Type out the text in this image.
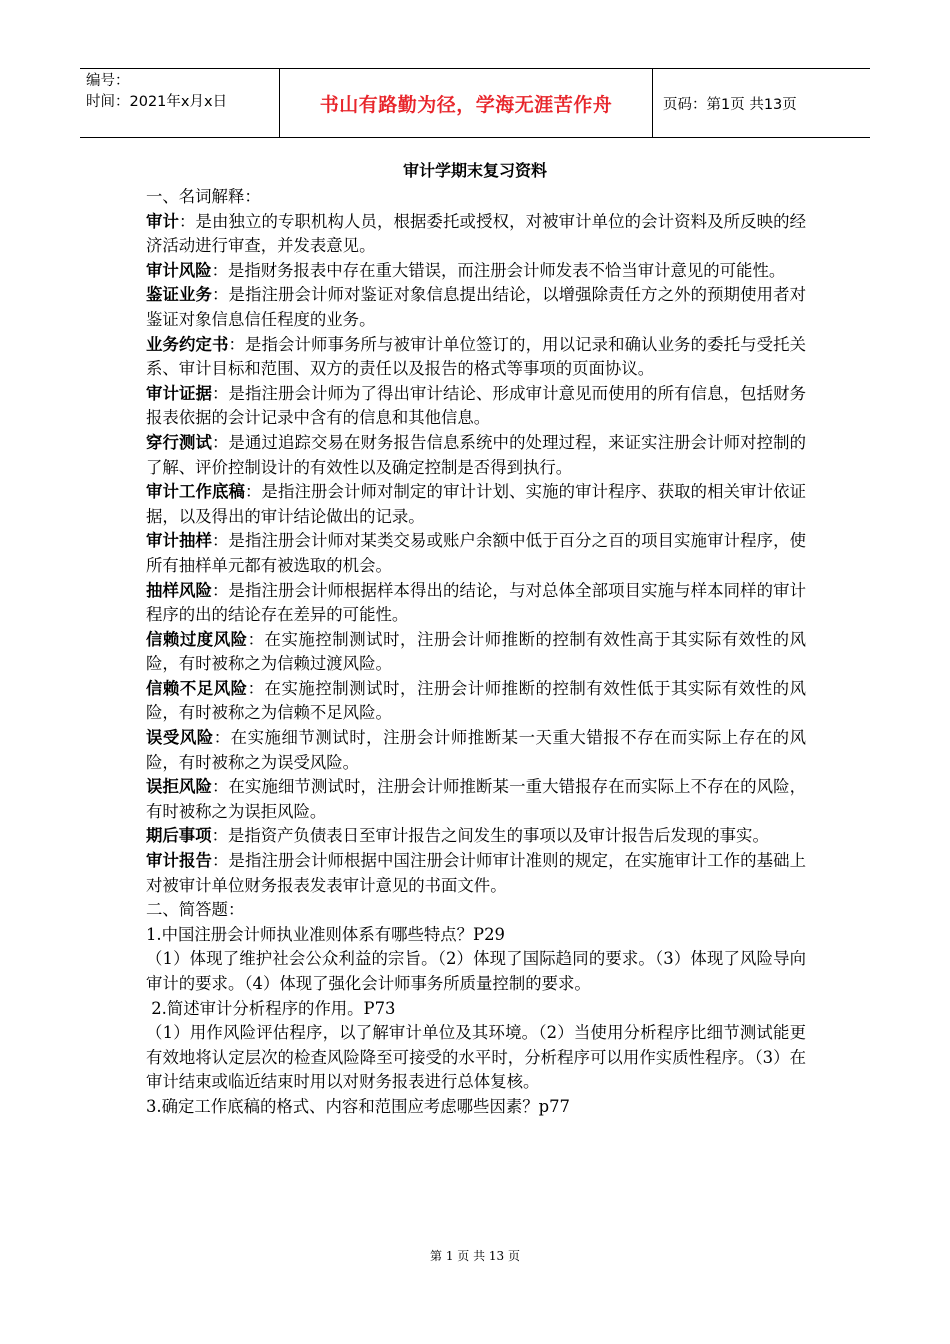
编号：
时间：2021年x月x日	书山有路勤为径，学海无涯苦作舟	页码：第1页 共13页
审计学期末复习资料

一、名词解释：

审计：是由独立的专职机构人员，根据委托或授权，对被审计单位的会计资料及所反映的经济活动进行审查，并发表意见。

审计风险：是指财务报表中存在重大错误，而注册会计师发表不恰当审计意见的可能性。

鉴证业务：是指注册会计师对鉴证对象信息提出结论，以增强除责任方之外的预期使用者对鉴证对象信息信任程度的业务。

业务约定书：是指会计师事务所与被审计单位签订的，用以记录和确认业务的委托与受托关系、审计目标和范围、双方的责任以及报告的格式等事项的页面协议。

审计证据：是指注册会计师为了得出审计结论、形成审计意见而使用的所有信息，包括财务报表依据的会计记录中含有的信息和其他信息。

穿行测试：是通过追踪交易在财务报告信息系统中的处理过程，来证实注册会计师对控制的了解、评价控制设计的有效性以及确定控制是否得到执行。

审计工作底稿：是指注册会计师对制定的审计计划、实施的审计程序、获取的相关审计依证据，以及得出的审计结论做出的记录。

审计抽样：是指注册会计师对某类交易或账户余额中低于百分之百的项目实施审计程序，使所有抽样单元都有被选取的机会。

抽样风险：是指注册会计师根据样本得出的结论，与对总体全部项目实施与样本同样的审计程序的出的结论存在差异的可能性。

信赖过度风险：在实施控制测试时，注册会计师推断的控制有效性高于其实际有效性的风险，有时被称之为信赖过渡风险。

信赖不足风险：在实施控制测试时，注册会计师推断的控制有效性低于其实际有效性的风险，有时被称之为信赖不足风险。

误受风险：在实施细节测试时，注册会计师推断某一天重大错报不存在而实际上存在的风险，有时被称之为误受风险。

误拒风险：在实施细节测试时，注册会计师推断某一重大错报存在而实际上不存在的风险，有时被称之为误拒风险。

期后事项：是指资产负债表日至审计报告之间发生的事项以及审计报告后发现的事实。

审计报告：是指注册会计师根据中国注册会计师审计准则的规定，在实施审计工作的基础上对被审计单位财务报表发表审计意见的书面文件。

二、简答题：

1.中国注册会计师执业准则体系有哪些特点？P29

（1）体现了维护社会公众利益的宗旨。（2）体现了国际趋同的要求。（3）体现了风险导向审计的要求。（4）体现了强化会计师事务所质量控制的要求。

2.简述审计分析程序的作用。P73

（1）用作风险评估程序，以了解审计单位及其环境。（2）当使用分析程序比细节测试能更有效地将认定层次的检查风险降至可接受的水平时，分析程序可以用作实质性程序。（3）在审计结束或临近结束时用以对财务报表进行总体复核。

3.确定工作底稿的格式、内容和范围应考虑哪些因素？p77

第 1 页 共 13 页
